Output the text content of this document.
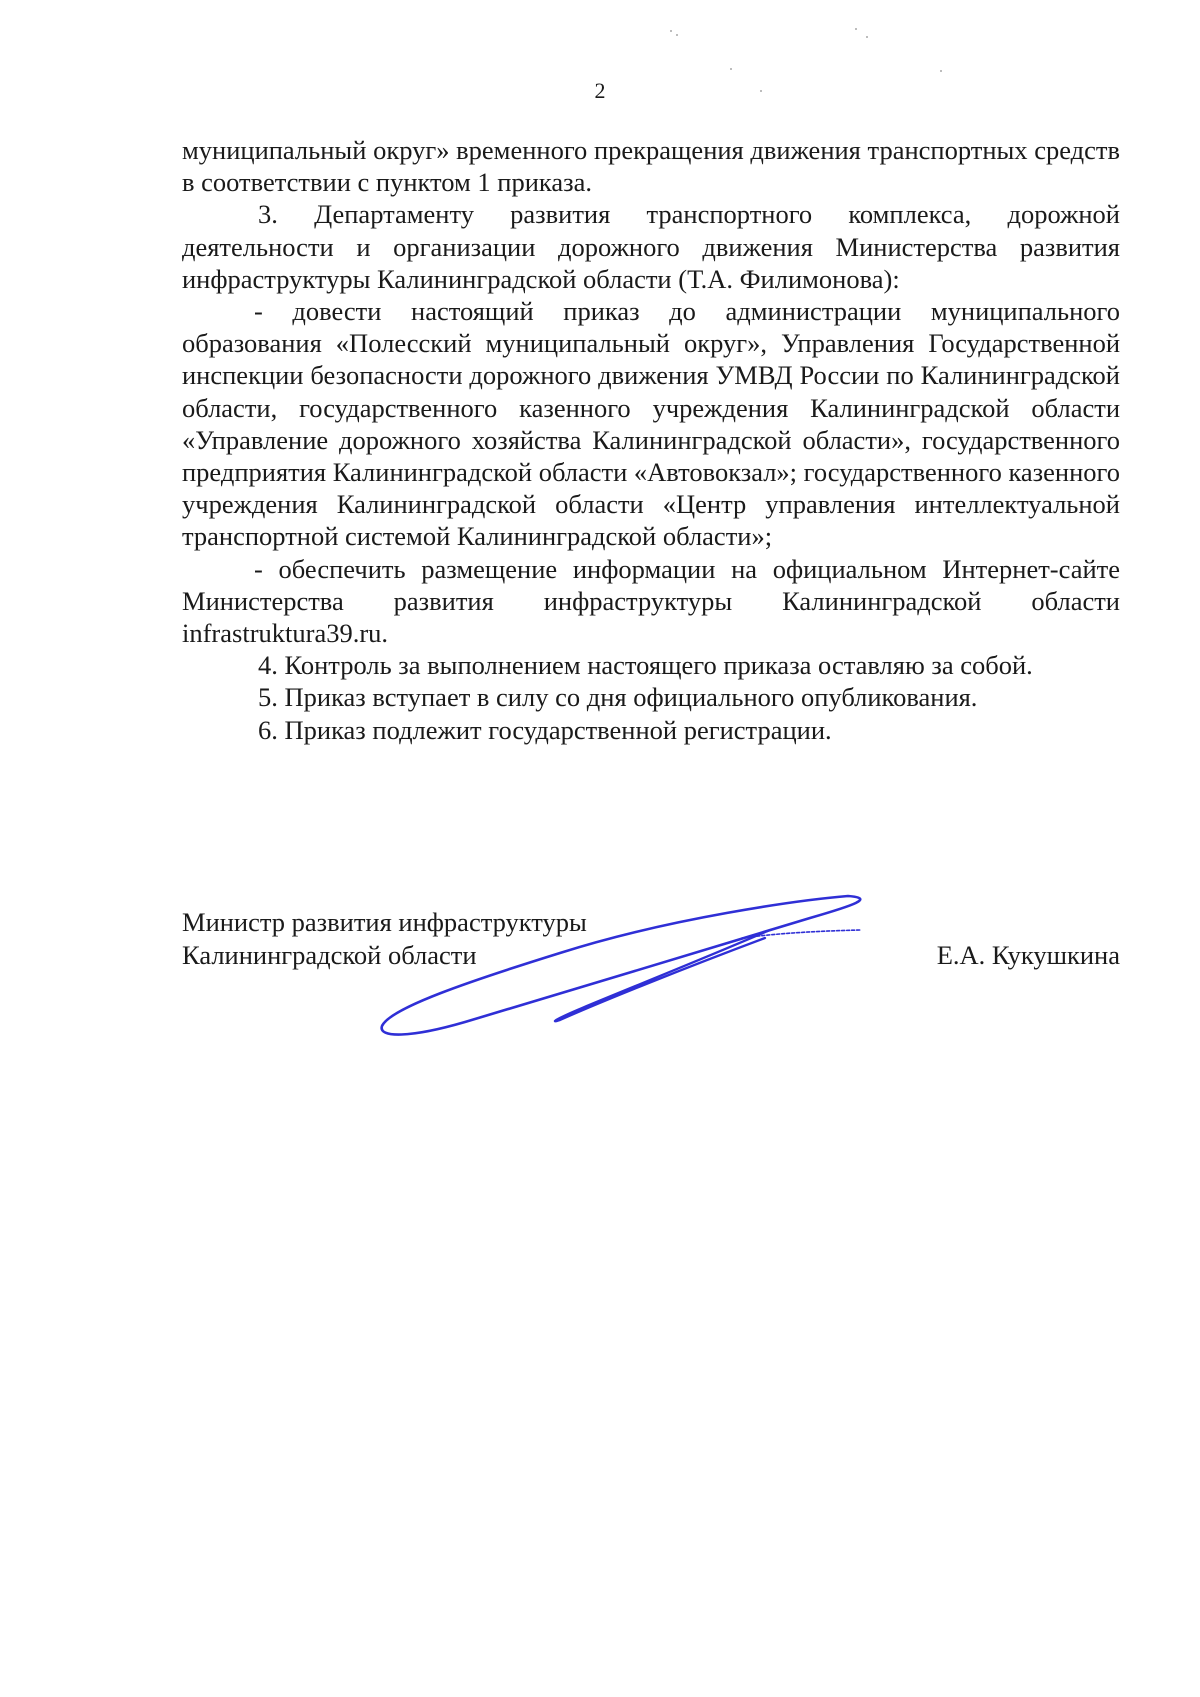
2

муниципальный округ» временного прекращения движения транспортных средств в соответствии с пунктом 1 приказа.

3. Департаменту развития транспортного комплекса, дорожной деятельности и организации дорожного движения Министерства развития инфраструктуры Калининградской области (Т.А. Филимонова):

- довести настоящий приказ до администрации муниципального образования «Полесский муниципальный округ», Управления Государственной инспекции безопасности дорожного движения УМВД России по Калининградской области, государственного казенного учреждения Калининградской области «Управление дорожного хозяйства Калининградской области», государственного предприятия Калининградской области «Автовокзал»; государственного казенного учреждения Калининградской области «Центр управления интеллектуальной транспортной системой Калининградской области»;

- обеспечить размещение информации на официальном Интернет-сайте Министерства развития инфраструктуры Калининградской области infrastruktura39.ru.

4. Контроль за выполнением настоящего приказа оставляю за собой.

5. Приказ вступает в силу со дня официального опубликования.

6. Приказ подлежит государственной регистрации.

Министр развития инфраструктуры
Калининградской области	Е.А. Кукушкина
